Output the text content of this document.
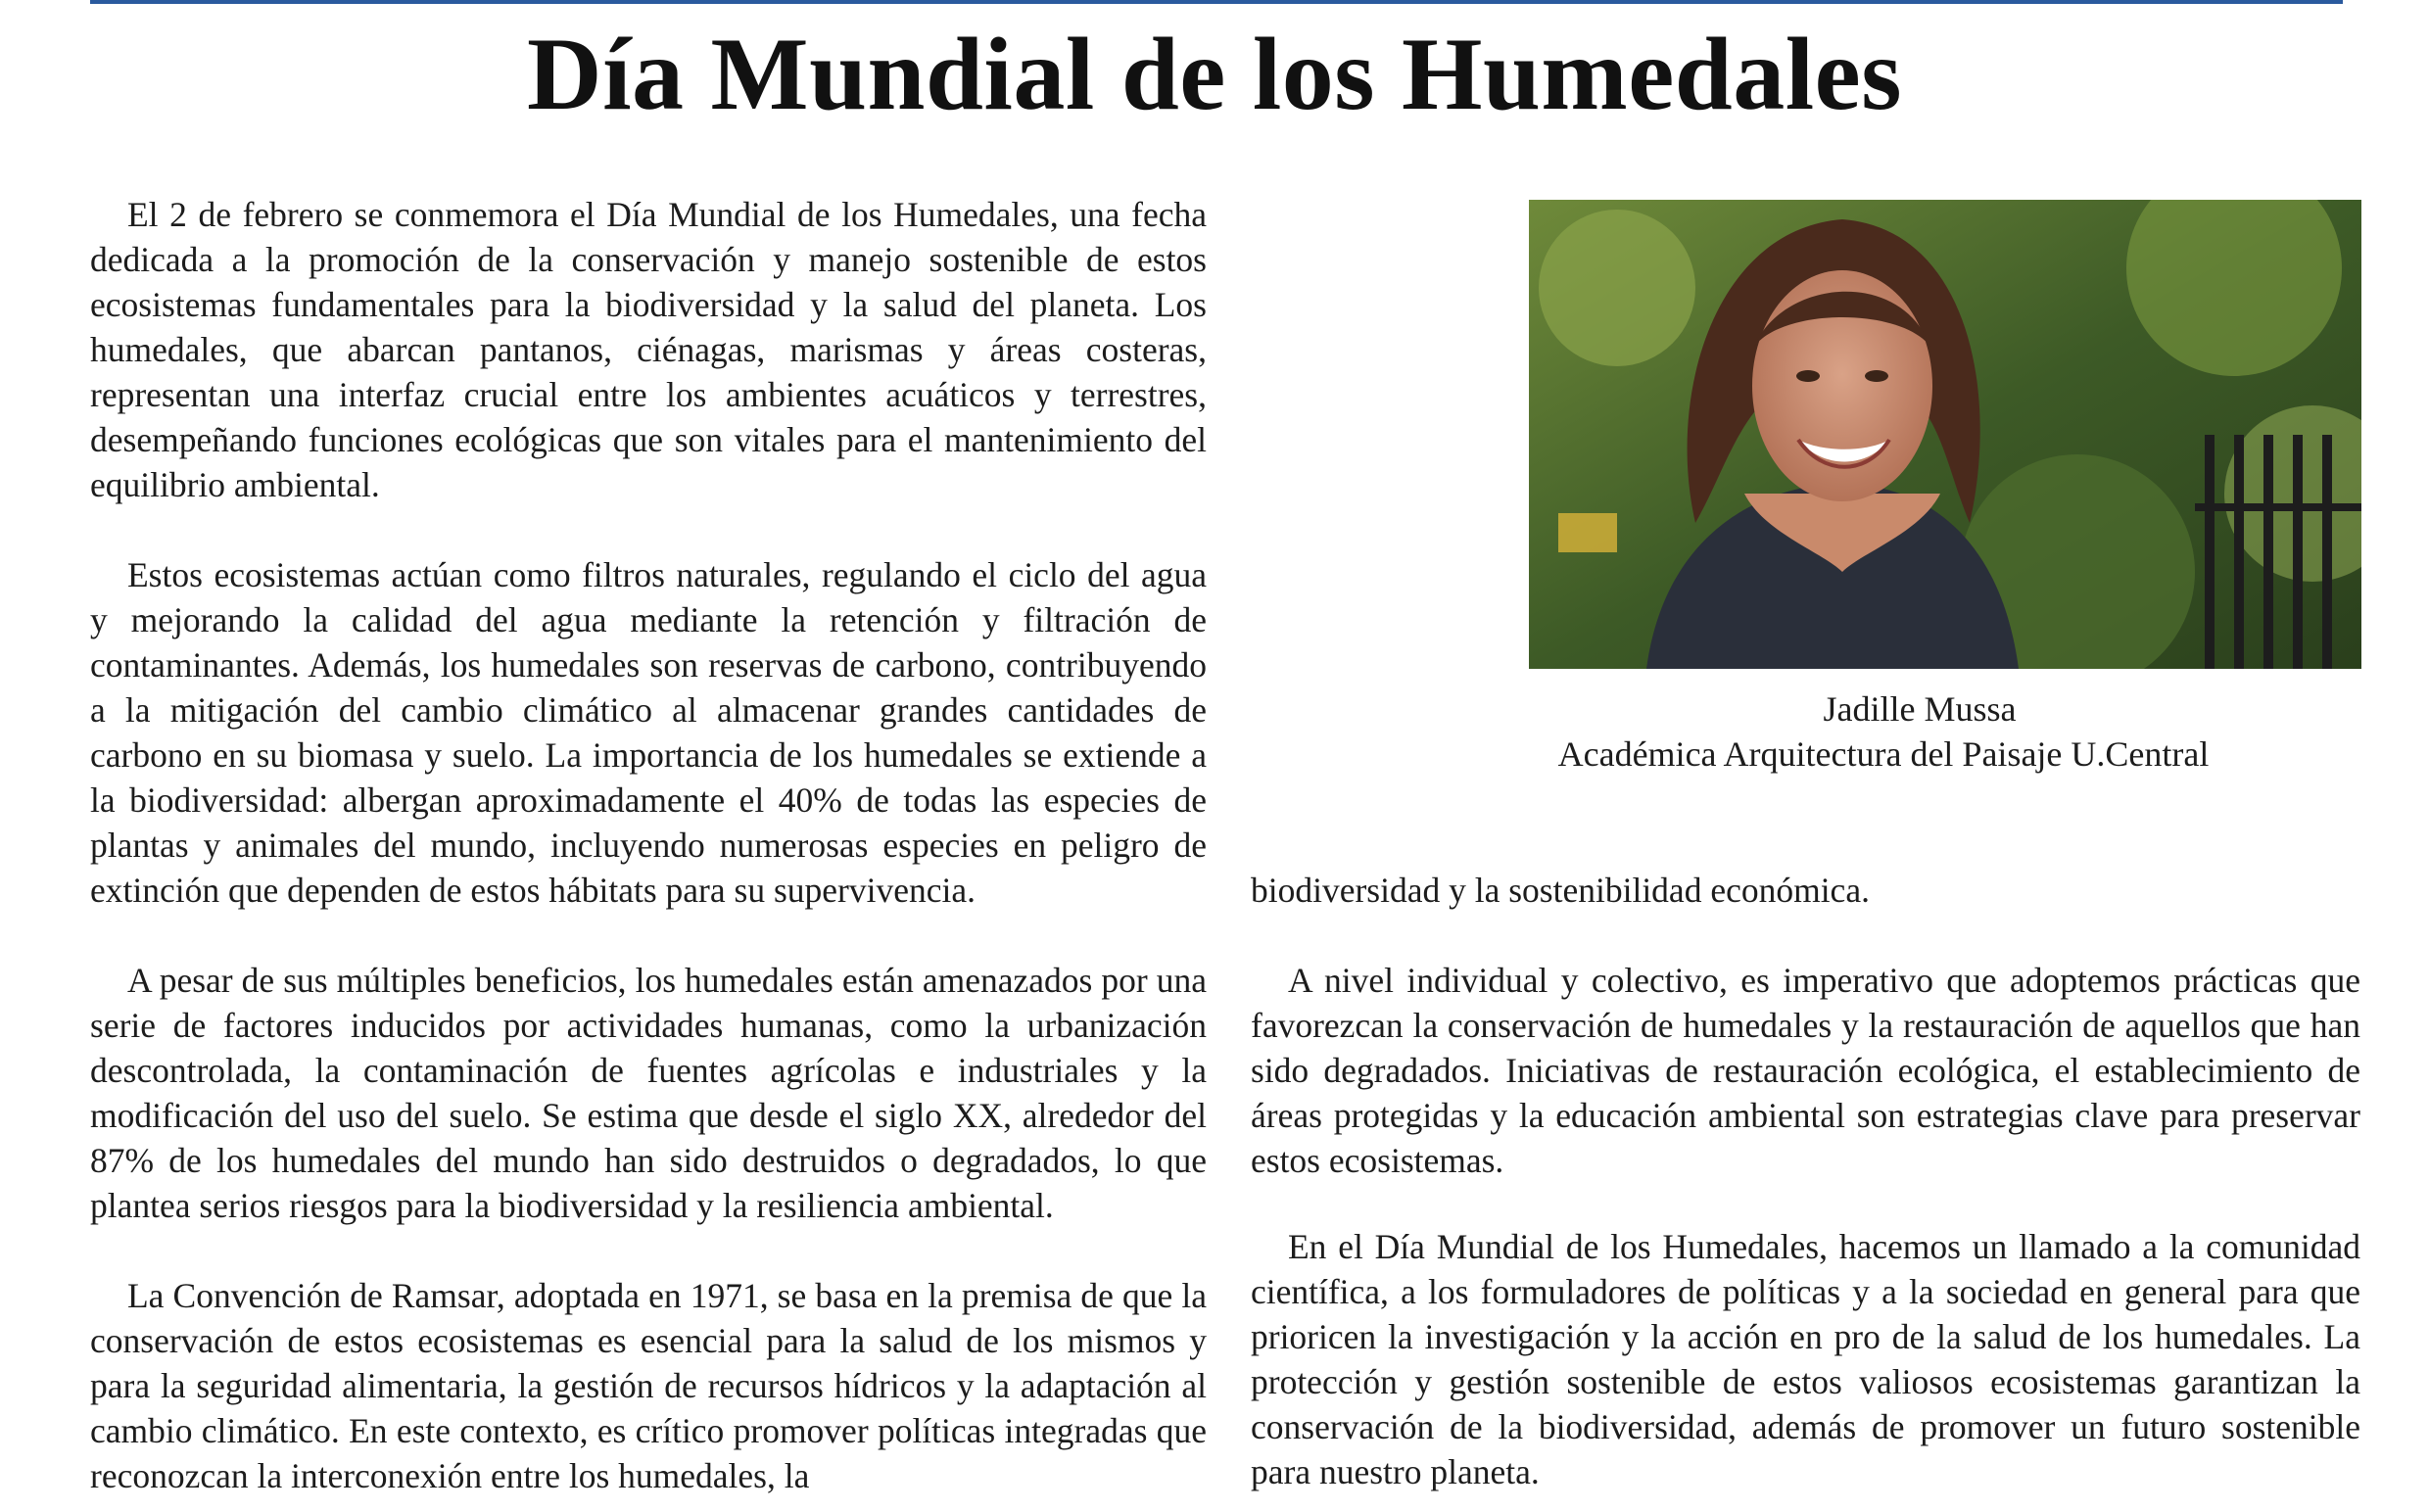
Día Mundial de los Humedales

El 2 de febrero se conmemora el Día Mundial de los Humedales, una fecha dedicada a la promoción de la conservación y manejo sostenible de estos ecosistemas fundamentales para la biodiversidad y la salud del planeta. Los humedales, que abarcan pantanos, ciénagas, marismas y áreas costeras, representan una interfaz crucial entre los ambientes acuáticos y terrestres, desempeñando funciones ecológicas que son vitales para el mantenimiento del equilibrio ambiental.

Estos ecosistemas actúan como filtros naturales, regulando el ciclo del agua y mejorando la calidad del agua mediante la retención y filtración de contaminantes. Además, los humedales son reservas de carbono, contribuyendo a la mitigación del cambio climático al almacenar grandes cantidades de carbono en su biomasa y suelo. La importancia de los humedales se extiende a la biodiversidad: albergan aproximadamente el 40% de todas las especies de plantas y animales del mundo, incluyendo numerosas especies en peligro de extinción que dependen de estos hábitats para su supervivencia.

A pesar de sus múltiples beneficios, los humedales están amenazados por una serie de factores inducidos por actividades humanas, como la urbanización descontrolada, la contaminación de fuentes agrícolas e industriales y la modificación del uso del suelo. Se estima que desde el siglo XX, alrededor del 87% de los humedales del mundo han sido destruidos o degradados, lo que plantea serios riesgos para la biodiversidad y la resiliencia ambiental.

La Convención de Ramsar, adoptada en 1971, se basa en la premisa de que la conservación de estos ecosistemas es esencial para la salud de los mismos y para la seguridad alimentaria, la gestión de recursos hídricos y la adaptación al cambio climático. En este contexto, es crítico promover políticas integradas que reconozcan la interconexión entre los humedales, la

Jadille Mussa

Académica Arquitectura del Paisaje U.Central

biodiversidad y la sostenibilidad económica.

A nivel individual y colectivo, es imperativo que adoptemos prácticas que favorezcan la conservación de humedales y la restauración de aquellos que han sido degradados. Iniciativas de restauración ecológica, el establecimiento de áreas protegidas y la educación ambiental son estrategias clave para preservar estos ecosistemas.

En el Día Mundial de los Humedales, hacemos un llamado a la comunidad científica, a los formuladores de políticas y a la sociedad en general para que prioricen la investigación y la acción en pro de la salud de los humedales. La protección y gestión sostenible de estos valiosos ecosistemas garantizan la conservación de la biodiversidad, además de promover un futuro sostenible para nuestro planeta.
